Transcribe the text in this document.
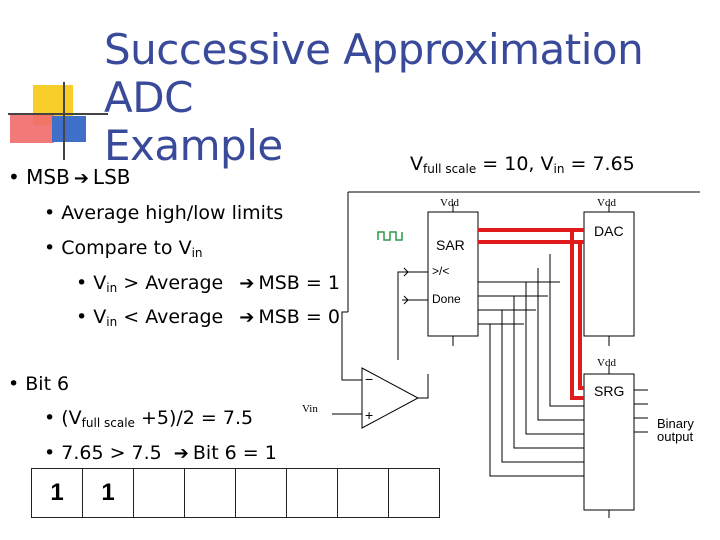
Successive Approximation ADC
Example	$V_{full scale} = 10$, $V_{in} = 7.65$
• MSB ➔ LSB
• Average high/low limits
• Compare to $V_{in}$
• $V_{in}$ > Average ➔ MSB = 1
• $V_{in}$ < Average ➔ MSB = 0
• Bit 6
• $(V_{full scale} +5)/2 = 7.5$
• 7.65 > 7.5 ➔ Bit 6 = 1
1	1
Vdd	Vdd
Vdd
SAR
>/<
Done
DAC
SRG
Vin
−
+
Binary
output
